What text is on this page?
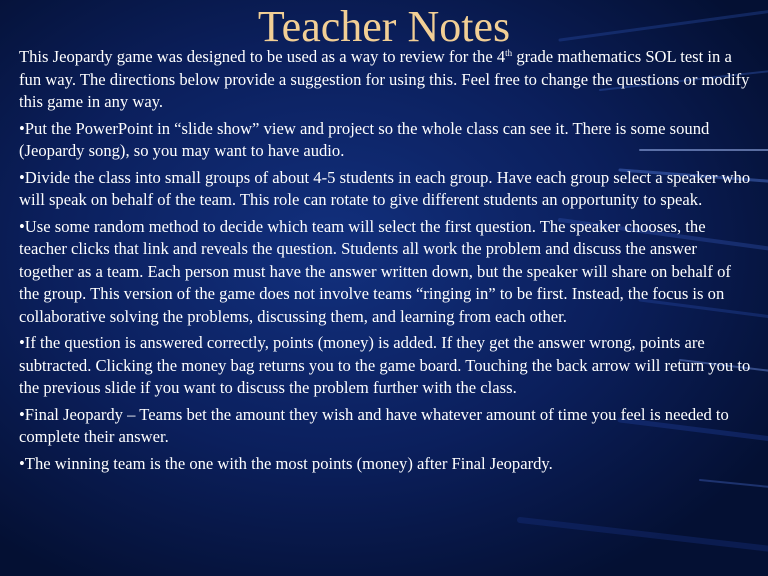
Teacher Notes

This Jeopardy game was designed to be used as a way to review for the 4th grade mathematics SOL test in a fun way. The directions below provide a suggestion for using this. Feel free to change the questions or modify this game in any way.

•Put the PowerPoint in “slide show” view and project so the whole class can see it. There is some sound (Jeopardy song), so you may want to have audio.

•Divide the class into small groups of about 4-5 students in each group. Have each group select a speaker who will speak on behalf of the team. This role can rotate to give different students an opportunity to speak.

•Use some random method to decide which team will select the first question. The speaker chooses, the teacher clicks that link and reveals the question. Students all work the problem and discuss the answer together as a team. Each person must have the answer written down, but the speaker will share on behalf of the group. This version of the game does not involve teams “ringing in” to be first. Instead, the focus is on collaborative solving the problems, discussing them, and learning from each other.

•If the question is answered correctly, points (money) is added. If they get the answer wrong, points are subtracted. Clicking the money bag returns you to the game board. Touching the back arrow will return you to the previous slide if you want to discuss the problem further with the class.

•Final Jeopardy – Teams bet the amount they wish and have whatever amount of time you feel is needed to complete their answer.

•The winning team is the one with the most points (money) after Final Jeopardy.
